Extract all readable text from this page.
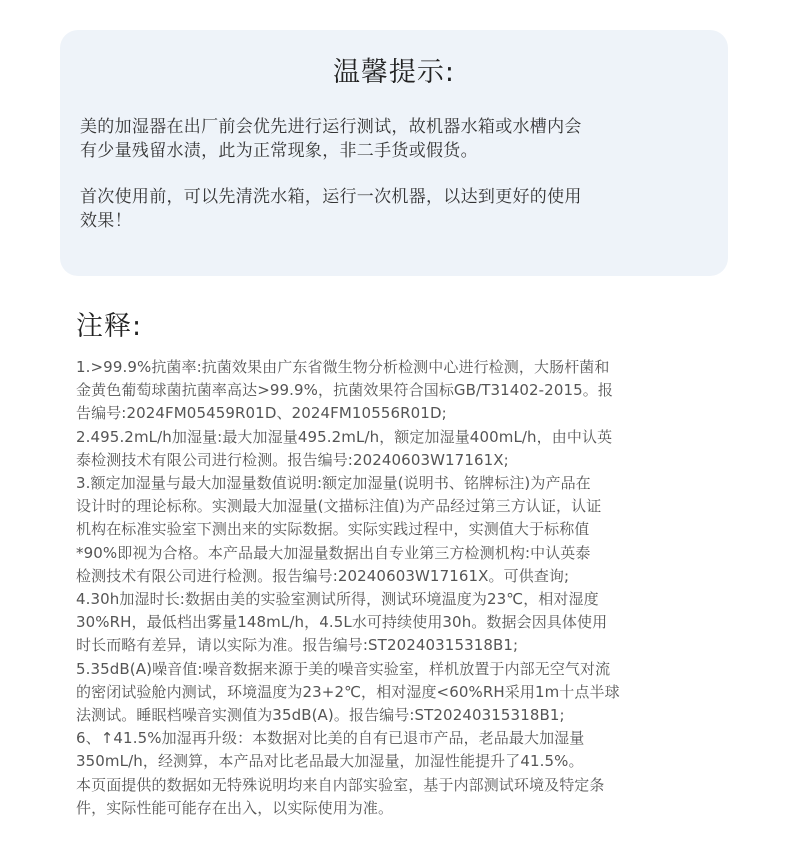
温馨提示:

美的加湿器在出厂前会优先进行运行测试，故机器水箱或水槽内会
有少量残留水渍，此为正常现象，非二手货或假货。

首次使用前，可以先清洗水箱，运行一次机器，以达到更好的使用
效果！

注释:
1.>99.9%抗菌率:抗菌效果由广东省微生物分析检测中心进行检测，大肠杆菌和
金黄色葡萄球菌抗菌率高达>99.9%，抗菌效果符合国标GB/T31402-2015。报
告编号:2024FM05459R01D、2024FM10556R01D;
2.495.2mL/h加湿量:最大加湿量495.2mL/h，额定加湿量400mL/h，由中认英
泰检测技术有限公司进行检测。报告编号:20240603W17161X;
3.额定加湿量与最大加湿量数值说明:额定加湿量(说明书、铭牌标注)为产品在
设计时的理论标称。实测最大加湿量(文描标注值)为产品经过第三方认证，认证
机构在标准实验室下测出来的实际数据。实际实践过程中，实测值大于标称值
*90%即视为合格。本产品最大加湿量数据出自专业第三方检测机构:中认英泰
检测技术有限公司进行检测。报告编号:20240603W17161X。可供查询;
4.30h加湿时长:数据由美的实验室测试所得，测试环境温度为23℃，相对湿度
30%RH，最低档出雾量148mL/h，4.5L水可持续使用30h。数据会因具体使用
时长而略有差异，请以实际为准。报告编号:ST20240315318B1;
5.35dB(A)噪音值:噪音数据来源于美的噪音实验室，样机放置于内部无空气对流
的密闭试验舱内测试，环境温度为23+2℃，相对湿度<60%RH采用1m十点半球
法测试。睡眠档噪音实测值为35dB(A)。报告编号:ST20240315318B1;
6、↑41.5%加湿再升级：本数据对比美的自有已退市产品，老品最大加湿量
350mL/h，经测算，本产品对比老品最大加湿量，加湿性能提升了41.5%。
本页面提供的数据如无特殊说明均来自内部实验室，基于内部测试环境及特定条
件，实际性能可能存在出入，以实际使用为准。
